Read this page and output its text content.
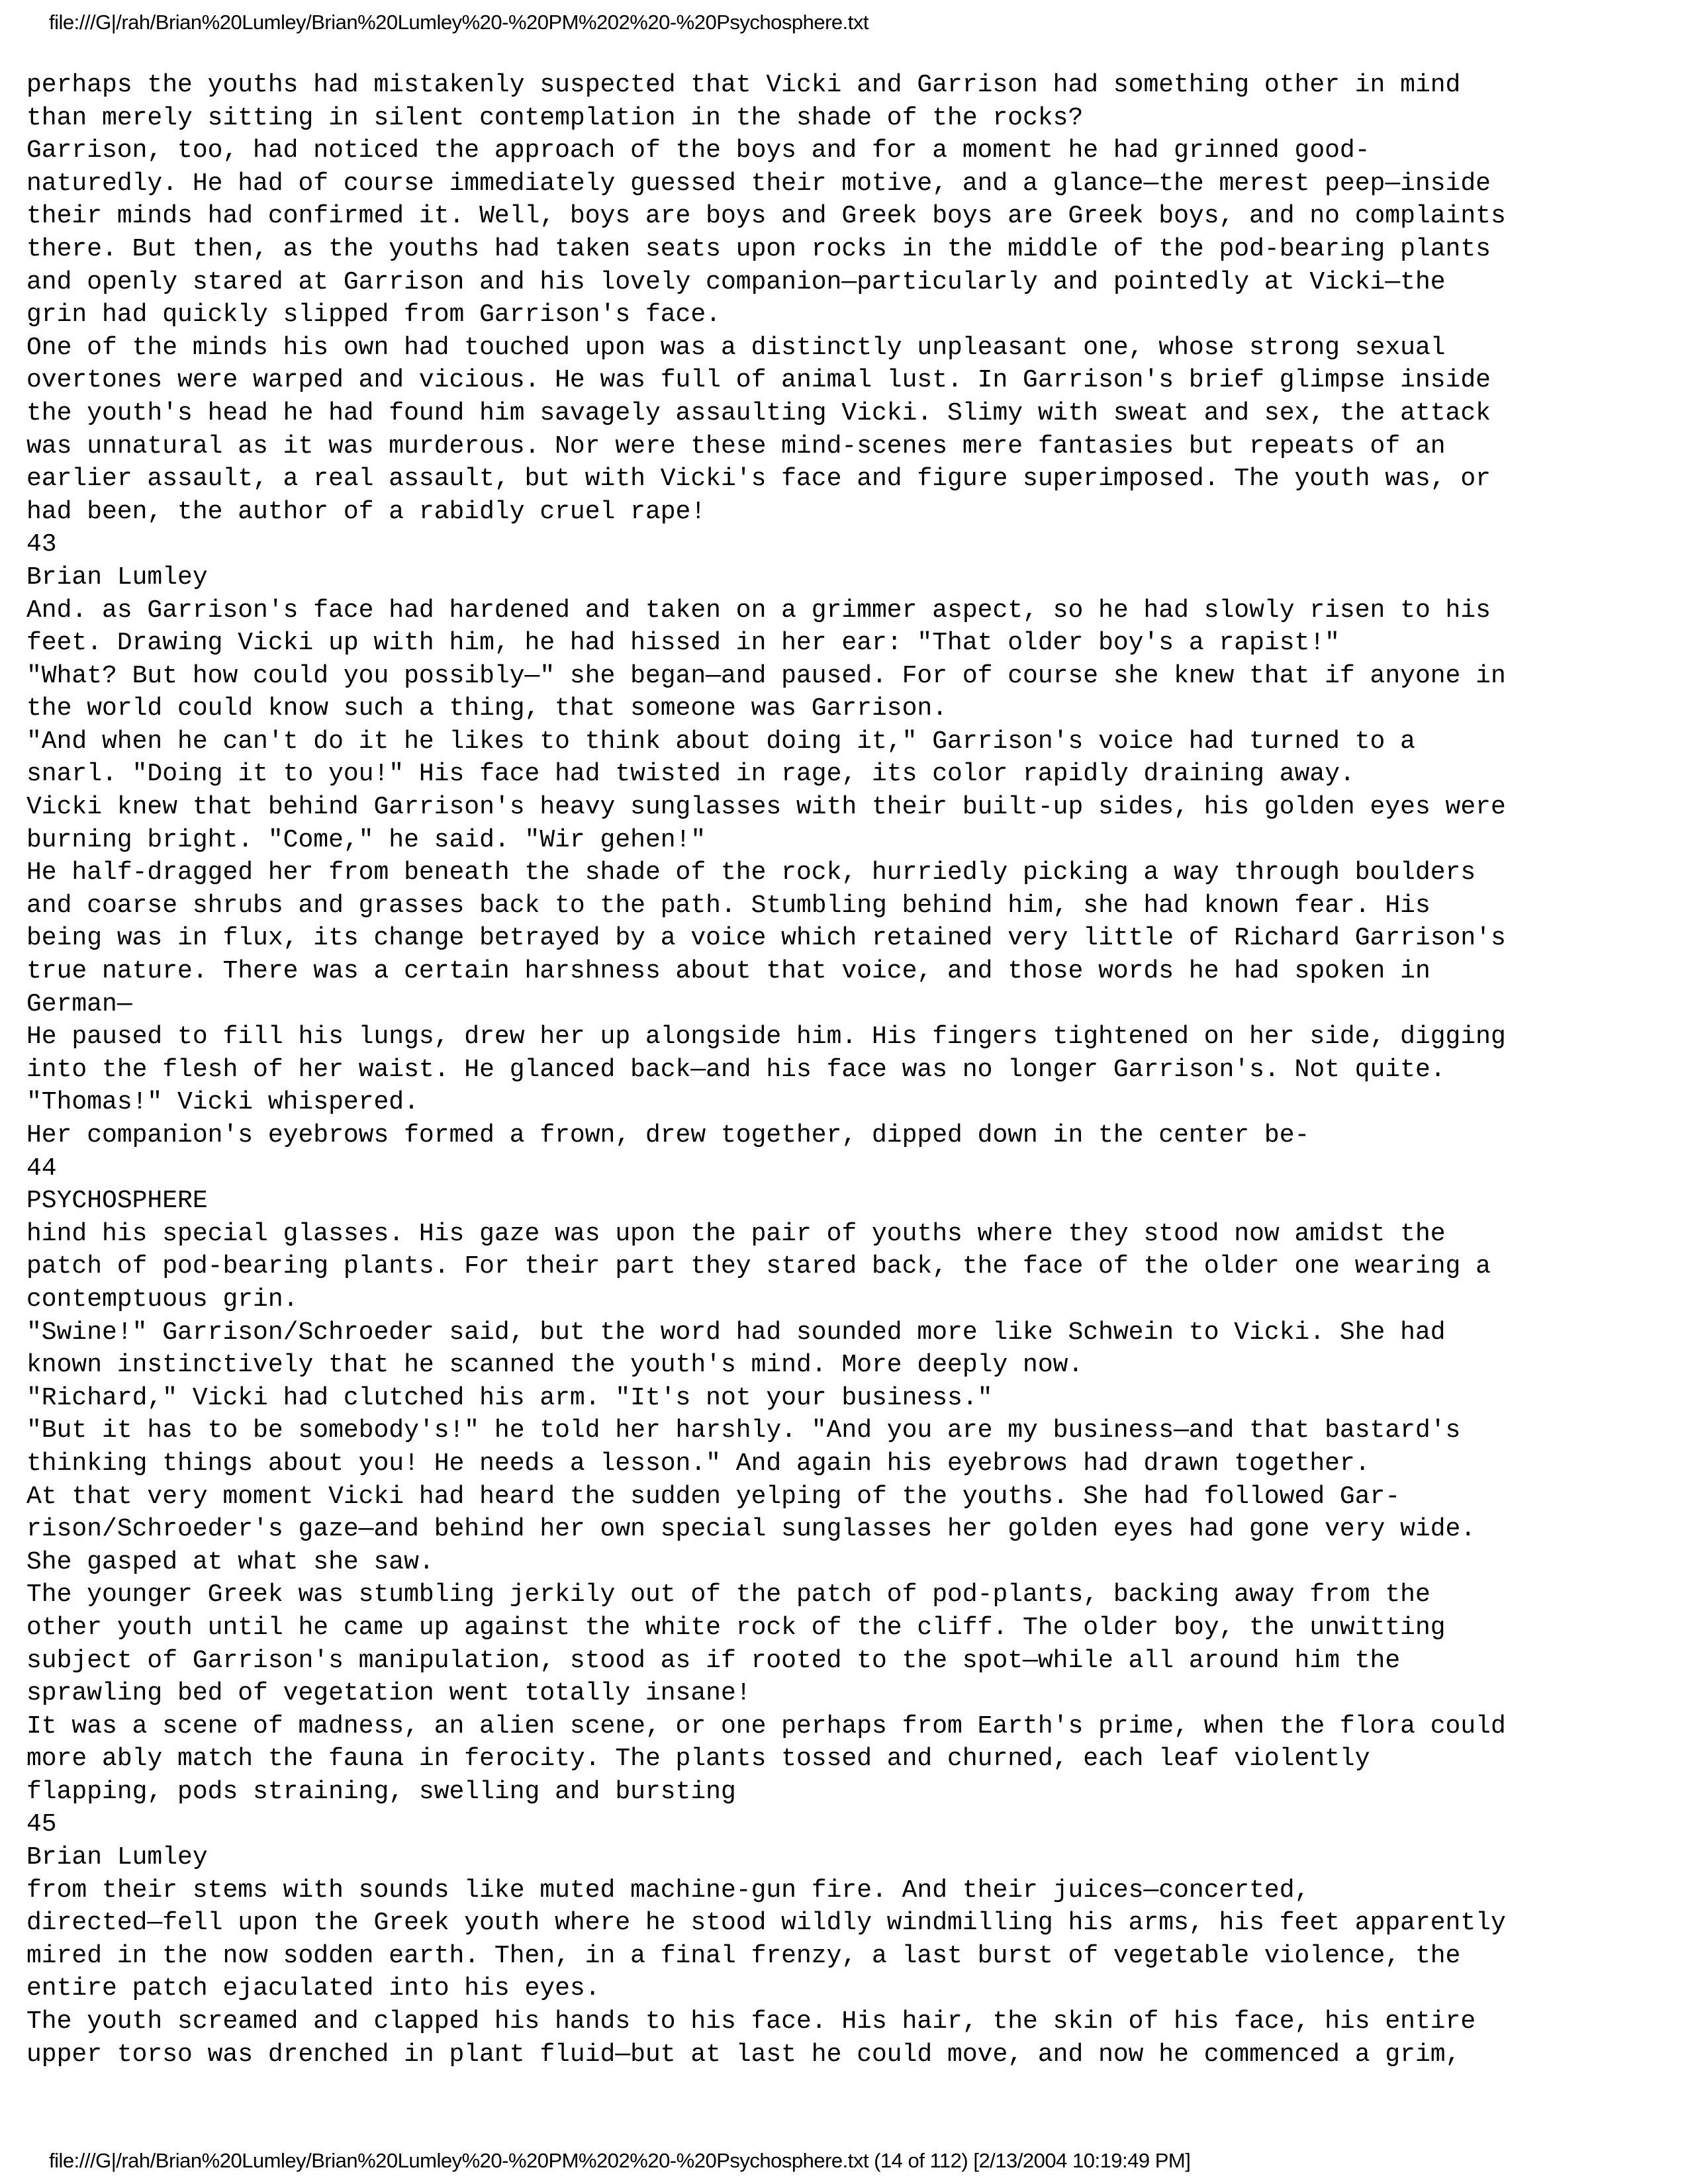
file:///G|/rah/Brian%20Lumley/Brian%20Lumley%20-%20PM%202%20-%20Psychosphere.txt
perhaps the youths had mistakenly suspected that Vicki and Garrison had something other in mind
than merely sitting in silent contemplation in the shade of the rocks?
Garrison, too, had noticed the approach of the boys and for a moment he had grinned good-
naturedly. He had of course immediately guessed their motive, and a glance—the merest peep—inside
their minds had confirmed it. Well, boys are boys and Greek boys are Greek boys, and no complaints
there. But then, as the youths had taken seats upon rocks in the middle of the pod-bearing plants
and openly stared at Garrison and his lovely companion—particularly and pointedly at Vicki—the
grin had quickly slipped from Garrison's face.
One of the minds his own had touched upon was a distinctly unpleasant one, whose strong sexual
overtones were warped and vicious. He was full of animal lust. In Garrison's brief glimpse inside
the youth's head he had found him savagely assaulting Vicki. Slimy with sweat and sex, the attack
was unnatural as it was murderous. Nor were these mind-scenes mere fantasies but repeats of an
earlier assault, a real assault, but with Vicki's face and figure superimposed. The youth was, or
had been, the author of a rabidly cruel rape!
43
Brian Lumley
And. as Garrison's face had hardened and taken on a grimmer aspect, so he had slowly risen to his
feet. Drawing Vicki up with him, he had hissed in her ear: "That older boy's a rapist!"
"What? But how could you possibly—" she began—and paused. For of course she knew that if anyone in
the world could know such a thing, that someone was Garrison.
"And when he can't do it he likes to think about doing it," Garrison's voice had turned to a
snarl. "Doing it to you!" His face had twisted in rage, its color rapidly draining away.
Vicki knew that behind Garrison's heavy sunglasses with their built-up sides, his golden eyes were
burning bright. "Come," he said. "Wir gehen!"
He half-dragged her from beneath the shade of the rock, hurriedly picking a way through boulders
and coarse shrubs and grasses back to the path. Stumbling behind him, she had known fear. His
being was in flux, its change betrayed by a voice which retained very little of Richard Garrison's
true nature. There was a certain harshness about that voice, and those words he had spoken in
German—
He paused to fill his lungs, drew her up alongside him. His fingers tightened on her side, digging
into the flesh of her waist. He glanced back—and his face was no longer Garrison's. Not quite.
"Thomas!" Vicki whispered.
Her companion's eyebrows formed a frown, drew together, dipped down in the center be-
44
PSYCHOSPHERE
hind his special glasses. His gaze was upon the pair of youths where they stood now amidst the
patch of pod-bearing plants. For their part they stared back, the face of the older one wearing a
contemptuous grin.
"Swine!" Garrison/Schroeder said, but the word had sounded more like Schwein to Vicki. She had
known instinctively that he scanned the youth's mind. More deeply now.
"Richard," Vicki had clutched his arm. "It's not your business."
"But it has to be somebody's!" he told her harshly. "And you are my business—and that bastard's
thinking things about you! He needs a lesson." And again his eyebrows had drawn together.
At that very moment Vicki had heard the sudden yelping of the youths. She had followed Gar-
rison/Schroeder's gaze—and behind her own special sunglasses her golden eyes had gone very wide.
She gasped at what she saw.
The younger Greek was stumbling jerkily out of the patch of pod-plants, backing away from the
other youth until he came up against the white rock of the cliff. The older boy, the unwitting
subject of Garrison's manipulation, stood as if rooted to the spot—while all around him the
sprawling bed of vegetation went totally insane!
It was a scene of madness, an alien scene, or one perhaps from Earth's prime, when the flora could
more ably match the fauna in ferocity. The plants tossed and churned, each leaf violently
flapping, pods straining, swelling and bursting
45
Brian Lumley
from their stems with sounds like muted machine-gun fire. And their juices—concerted,
directed—fell upon the Greek youth where he stood wildly windmilling his arms, his feet apparently
mired in the now sodden earth. Then, in a final frenzy, a last burst of vegetable violence, the
entire patch ejaculated into his eyes.
The youth screamed and clapped his hands to his face. His hair, the skin of his face, his entire
upper torso was drenched in plant fluid—but at last he could move, and now he commenced a grim,
file:///G|/rah/Brian%20Lumley/Brian%20Lumley%20-%20PM%202%20-%20Psychosphere.txt (14 of 112) [2/13/2004 10:19:49 PM]
